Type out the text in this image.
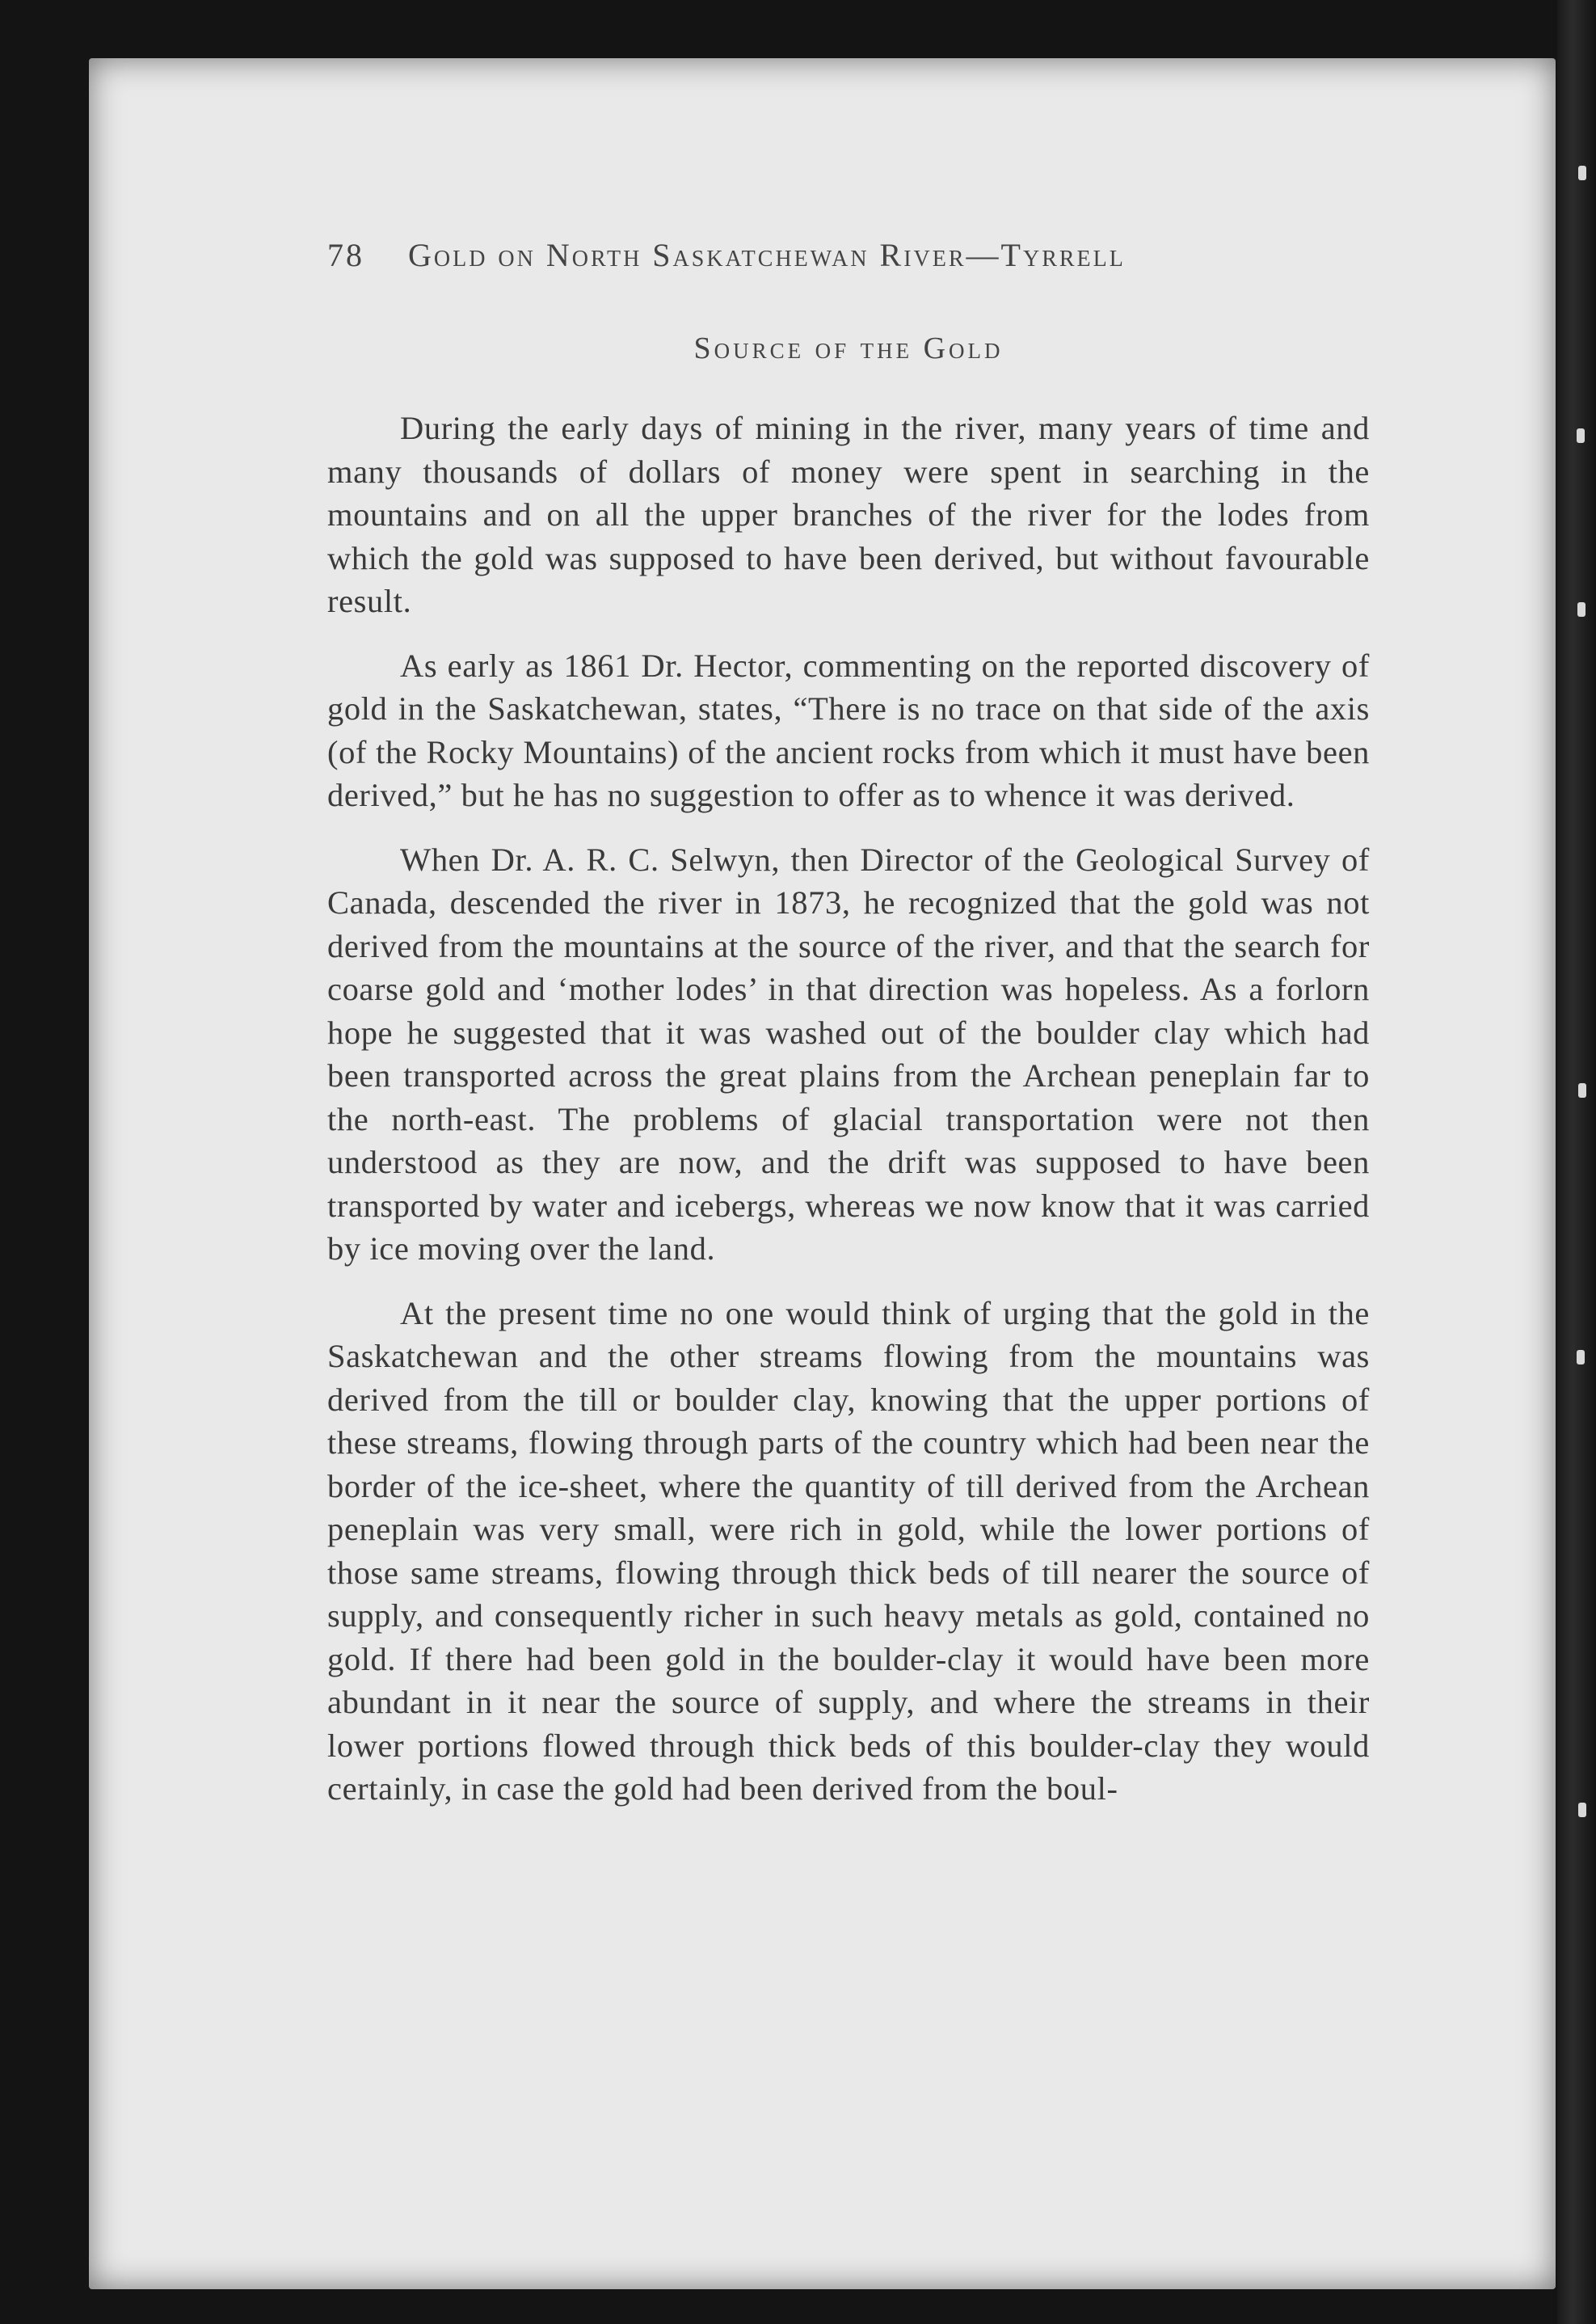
78	Gold on North Saskatchewan River—Tyrrell
Source of the Gold

During the early days of mining in the river, many years of time and many thousands of dollars of money were spent in searching in the mountains and on all the upper branches of the river for the lodes from which the gold was supposed to have been derived, but without favourable result.

As early as 1861 Dr. Hector, commenting on the reported discovery of gold in the Saskatchewan, states, “There is no trace on that side of the axis (of the Rocky Mountains) of the ancient rocks from which it must have been derived,” but he has no suggestion to offer as to whence it was derived.

When Dr. A. R. C. Selwyn, then Director of the Geological Survey of Canada, descended the river in 1873, he recognized that the gold was not derived from the mountains at the source of the river, and that the search for coarse gold and ‘mother lodes’ in that direction was hopeless. As a forlorn hope he suggested that it was washed out of the boulder clay which had been transported across the great plains from the Archean peneplain far to the north-east. The problems of glacial transportation were not then understood as they are now, and the drift was supposed to have been transported by water and icebergs, whereas we now know that it was carried by ice moving over the land.

At the present time no one would think of urging that the gold in the Saskatchewan and the other streams flowing from the mountains was derived from the till or boulder clay, knowing that the upper portions of these streams, flowing through parts of the country which had been near the border of the ice-sheet, where the quantity of till derived from the Archean peneplain was very small, were rich in gold, while the lower portions of those same streams, flowing through thick beds of till nearer the source of supply, and consequently richer in such heavy metals as gold, contained no gold. If there had been gold in the boulder-clay it would have been more abundant in it near the source of supply, and where the streams in their lower portions flowed through thick beds of this boulder-clay they would certainly, in case the gold had been derived from the boul-
